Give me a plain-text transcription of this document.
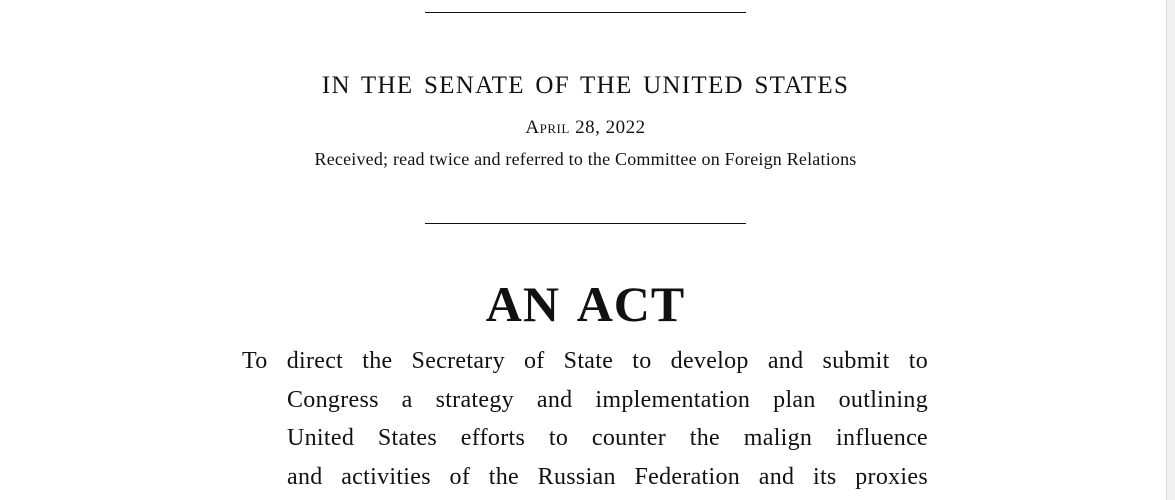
IN THE SENATE OF THE UNITED STATES
April 28, 2022
Received; read twice and referred to the Committee on Foreign Relations
AN ACT
To direct the Secretary of State to develop and submit to
Congress a strategy and implementation plan outlining
United States efforts to counter the malign influence
and activities of the Russian Federation and its proxies
